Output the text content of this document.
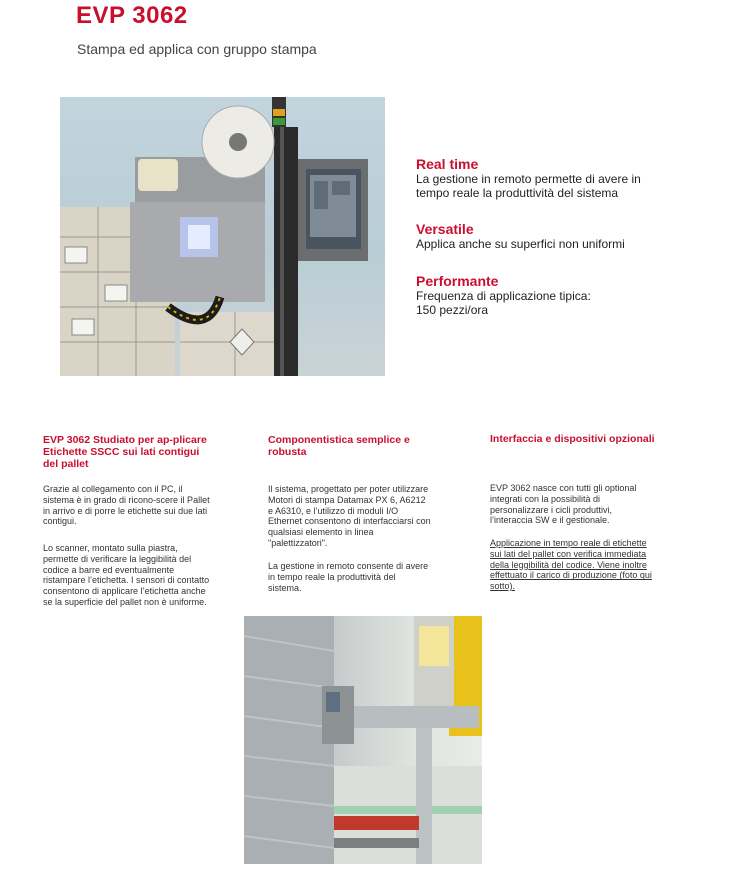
EVP 3062
Stampa ed applica con gruppo stampa

Real time

La gestione in remoto permette di avere in
tempo reale la produttività del sistema

Versatile

Applica anche su superfici non uniformi

Performante

Frequenza di applicazione tipica:
150 pezzi/ora

EVP 3062 Studiato per ap-plicare
Etichette SSCC sui lati contigui
del pallet

Grazie al collegamento con il PC, il
sistema è in grado di ricono-scere il Pallet
in arrivo e di porre le etichette sui due lati
contigui.

Lo scanner, montato sulla piastra,
permette di verificare la leggibilità del
codice a barre ed eventualmente
ristampare l’etichetta. I sensori di contatto
consentono di applicare l’etichetta anche
se la superficie del pallet non è uniforme.

Componentistica semplice e
robusta

Il sistema, progettato per poter utilizzare
Motori di stampa Datamax PX 6, A6212
e A6310, e l’utilizzo di moduli I/O
Ethernet consentono di interfacciarsi con
qualsiasi elemento in linea
"palettizzatori".

La gestione in remoto consente di avere
in tempo reale la produttività del
sistema.

Interfaccia e dispositivi opzionali

EVP 3062 nasce con tutti gli optional
integrati con la possibilità di
personalizzare i cicli produttivi,
l’interaccia SW e il gestionale.

Applicazione in tempo reale di etichette
sui lati del pallet con verifica immediata
della leggibilità del codice. Viene inoltre
effettuato il carico di produzione (foto qui
sotto).
